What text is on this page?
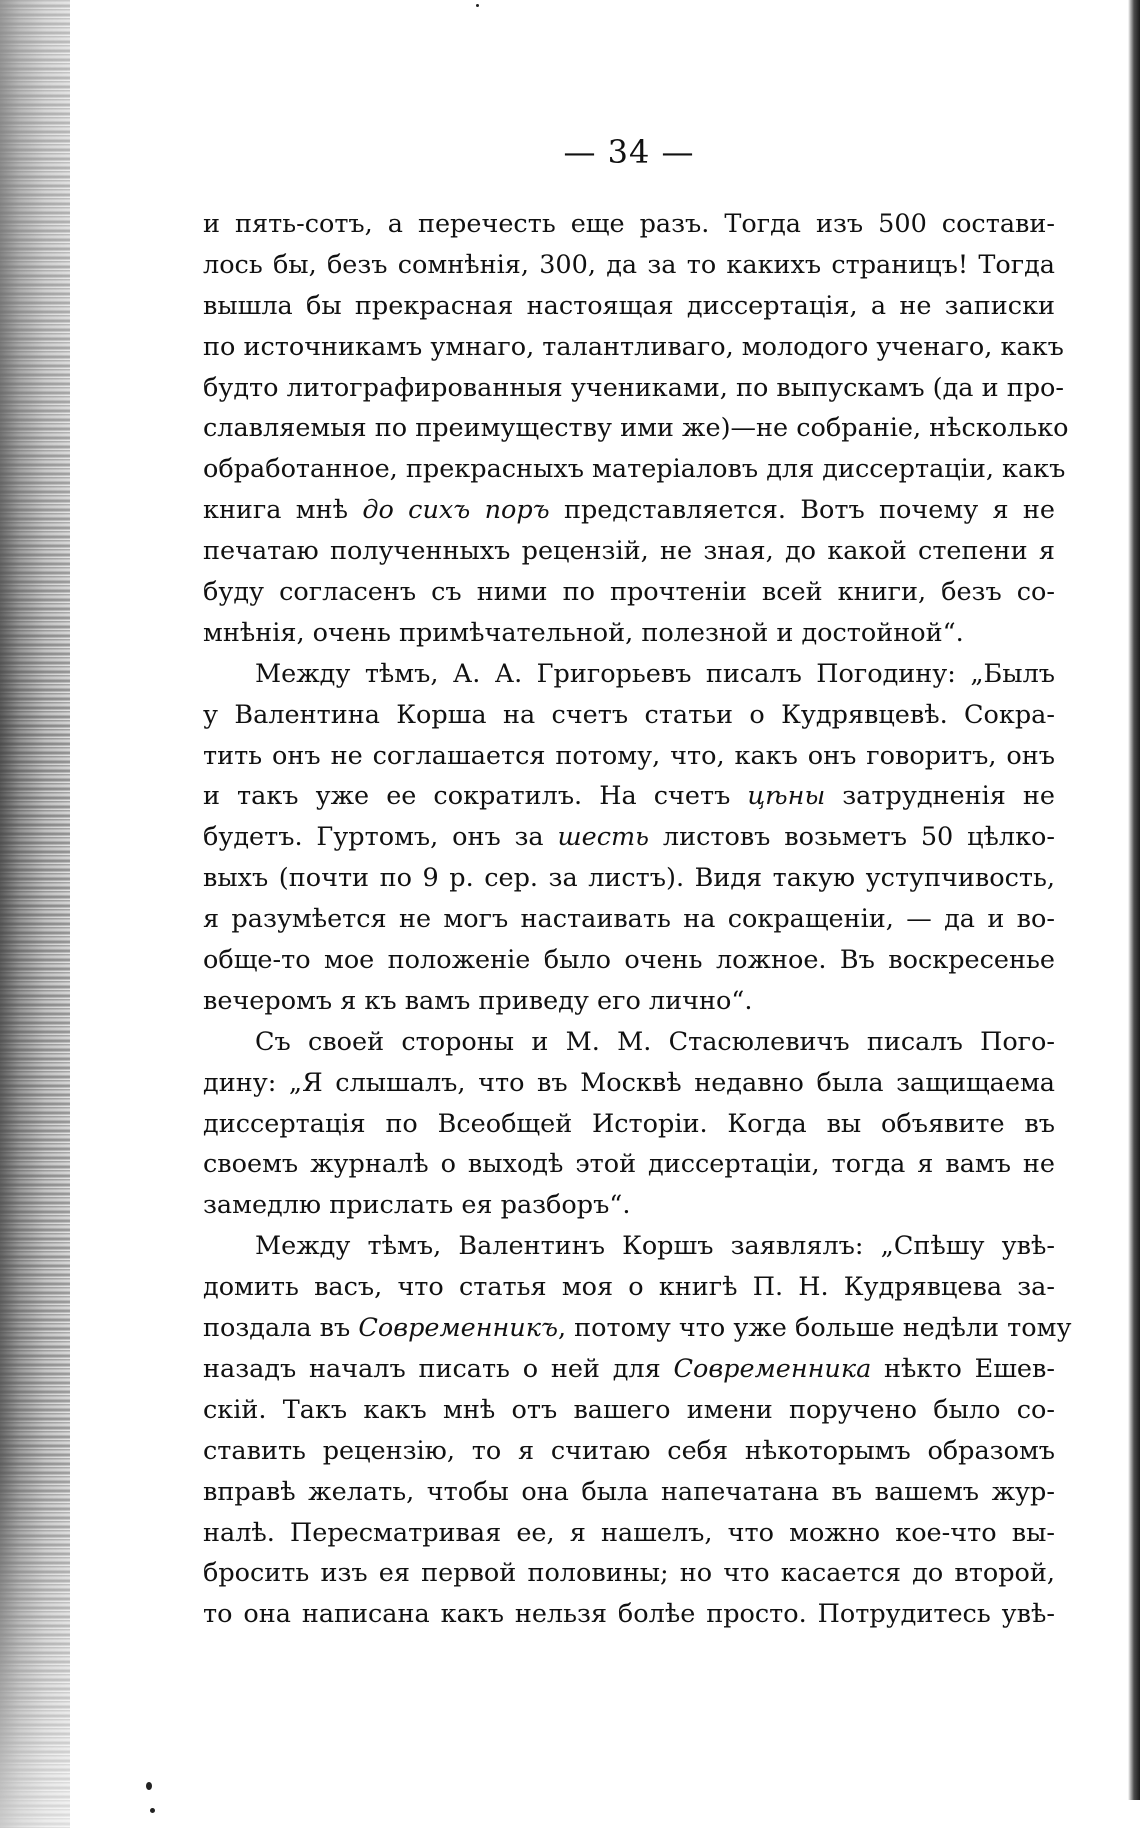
— 34 —
и пять-сотъ, а перечесть еще разъ. Тогда изъ 500 состави-
лось бы, безъ сомнѣнія, 300, да за то какихъ страницъ! Тогда
вышла бы прекрасная настоящая диссертація, а не записки
по источникамъ умнаго, талантливаго, молодого ученаго, какъ
будто литографированныя учениками, по выпускамъ (да и про-
славляемыя по преимуществу ими же)—не собраніе, нѣсколько
обработанное, прекрасныхъ матеріаловъ для диссертаціи, какъ
книга мнѣ до сихъ поръ представляется. Вотъ почему я не
печатаю полученныхъ рецензій, не зная, до какой степени я
буду согласенъ съ ними по прочтеніи всей книги, безъ со-
мнѣнія, очень примѣчательной, полезной и достойной“.
Между тѣмъ, А. А. Григорьевъ писалъ Погодину: „Былъ
у Валентина Корша на счетъ статьи о Кудрявцевѣ. Сокра-
тить онъ не соглашается потому, что, какъ онъ говоритъ, онъ
и такъ уже ее сократилъ. На счетъ цѣны затрудненія не
будетъ. Гуртомъ, онъ за шесть листовъ возьметъ 50 цѣлко-
выхъ (почти по 9 р. сер. за листъ). Видя такую уступчивость,
я разумѣется не могъ настаивать на сокращеніи, — да и во-
обще-то мое положеніе было очень ложное. Въ воскресенье
вечеромъ я къ вамъ приведу его лично“.
Съ своей стороны и М. М. Стасюлевичъ писалъ Пого-
дину: „Я слышалъ, что въ Москвѣ недавно была защищаема
диссертація по Всеобщей Исторіи. Когда вы объявите въ
своемъ журналѣ о выходѣ этой диссертаціи, тогда я вамъ не
замедлю прислать ея разборъ“.
Между тѣмъ, Валентинъ Коршъ заявлялъ: „Спѣшу увѣ-
домить васъ, что статья моя о книгѣ П. Н. Кудрявцева за-
поздала въ Современникъ, потому что уже больше недѣли тому
назадъ началъ писать о ней для Современника нѣкто Ешев-
скій. Такъ какъ мнѣ отъ вашего имени поручено было со-
ставить рецензію, то я считаю себя нѣкоторымъ образомъ
вправѣ желать, чтобы она была напечатана въ вашемъ жур-
налѣ. Пересматривая ее, я нашелъ, что можно кое-что вы-
бросить изъ ея первой половины; но что касается до второй,
то она написана какъ нельзя болѣе просто. Потрудитесь увѣ-
